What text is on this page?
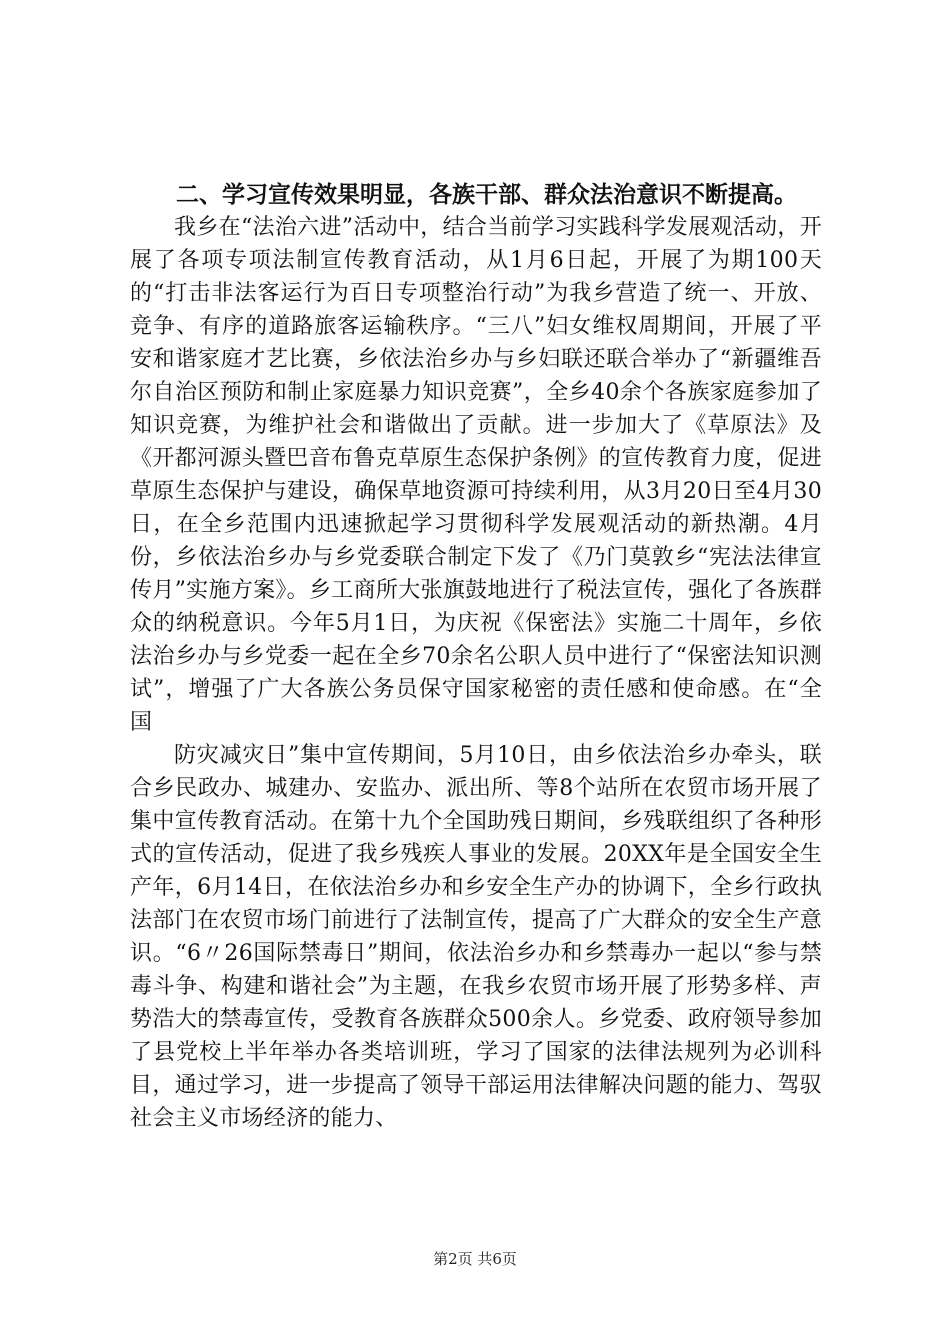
二、学习宣传效果明显，各族干部、群众法治意识不断提高。

我乡在“法治六进”活动中，结合当前学习实践科学发展观活动，开展了各项专项法制宣传教育活动，从1月6日起，开展了为期100天的“打击非法客运行为百日专项整治行动”为我乡营造了统一、开放、竞争、有序的道路旅客运输秩序。“三八”妇女维权周期间，开展了平安和谐家庭才艺比赛，乡依法治乡办与乡妇联还联合举办了“新疆维吾尔自治区预防和制止家庭暴力知识竞赛”，全乡40余个各族家庭参加了知识竞赛，为维护社会和谐做出了贡献。进一步加大了《草原法》及《开都河源头暨巴音布鲁克草原生态保护条例》的宣传教育力度，促进草原生态保护与建设，确保草地资源可持续利用，从3月20日至4月30日，在全乡范围内迅速掀起学习贯彻科学发展观活动的新热潮。4月份，乡依法治乡办与乡党委联合制定下发了《乃门莫敦乡“宪法法律宣传月”实施方案》。乡工商所大张旗鼓地进行了税法宣传，强化了各族群众的纳税意识。今年5月1日，为庆祝《保密法》实施二十周年，乡依法治乡办与乡党委一起在全乡70余名公职人员中进行了“保密法知识测试”，增强了广大各族公务员保守国家秘密的责任感和使命感。在“全国

防灾减灾日”集中宣传期间，5月10日，由乡依法治乡办牵头，联合乡民政办、城建办、安监办、派出所、等8个站所在农贸市场开展了集中宣传教育活动。在第十九个全国助残日期间，乡残联组织了各种形式的宣传活动，促进了我乡残疾人事业的发展。20XX年是全国安全生产年，6月14日，在依法治乡办和乡安全生产办的协调下，全乡行政执法部门在农贸市场门前进行了法制宣传，提高了广大群众的安全生产意识。“6〃26国际禁毒日”期间，依法治乡办和乡禁毒办一起以“参与禁毒斗争、构建和谐社会”为主题，在我乡农贸市场开展了形势多样、声势浩大的禁毒宣传，受教育各族群众500余人。乡党委、政府领导参加了县党校上半年举办各类培训班，学习了国家的法律法规列为必训科目，通过学习，进一步提高了领导干部运用法律解决问题的能力、驾驭社会主义市场经济的能力、

第2页 共6页
